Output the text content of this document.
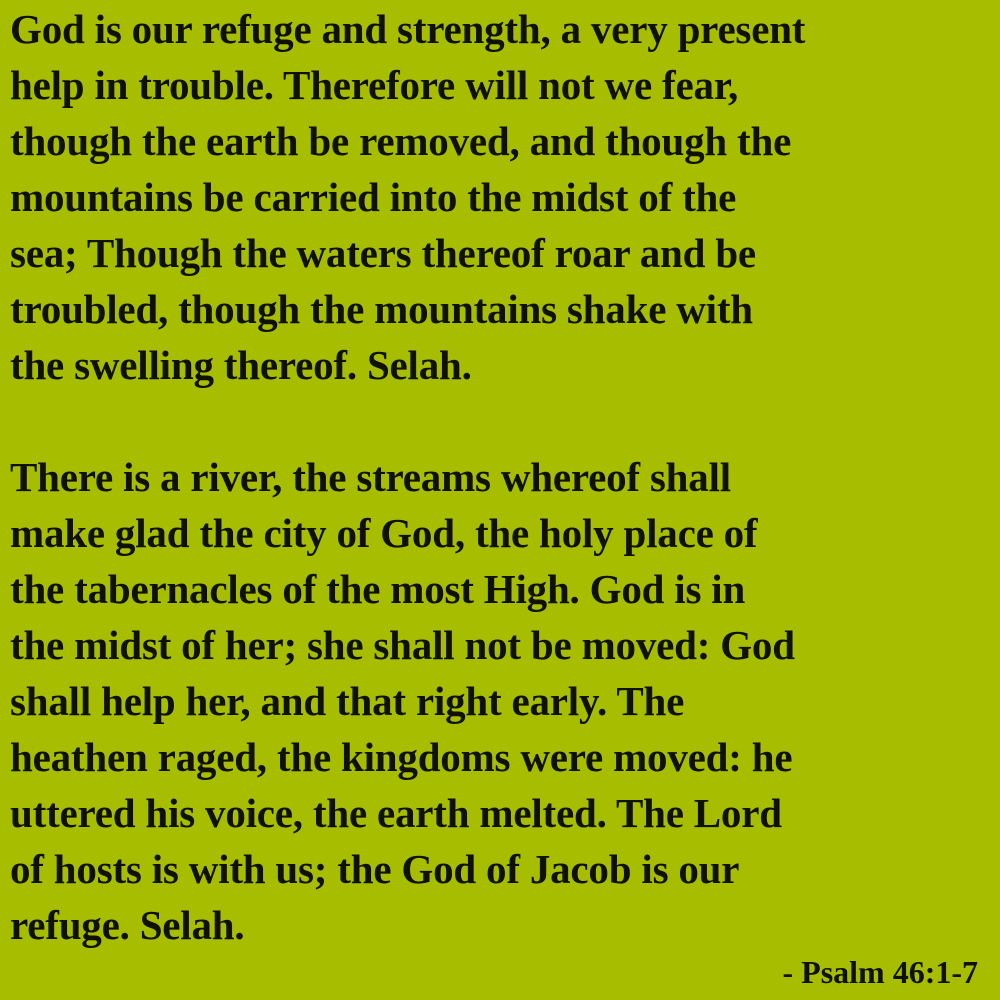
God is our refuge and strength, a very present
help in trouble. Therefore will not we fear,
though the earth be removed, and though the
mountains be carried into the midst of the
sea; Though the waters thereof roar and be
troubled, though the mountains shake with
the swelling thereof. Selah.
There is a river, the streams whereof shall
make glad the city of God, the holy place of
the tabernacles of the most High. God is in
the midst of her; she shall not be moved: God
shall help her, and that right early. The
heathen raged, the kingdoms were moved: he
uttered his voice, the earth melted. The Lord
of hosts is with us; the God of Jacob is our
refuge. Selah.
- Psalm 46:1-7
